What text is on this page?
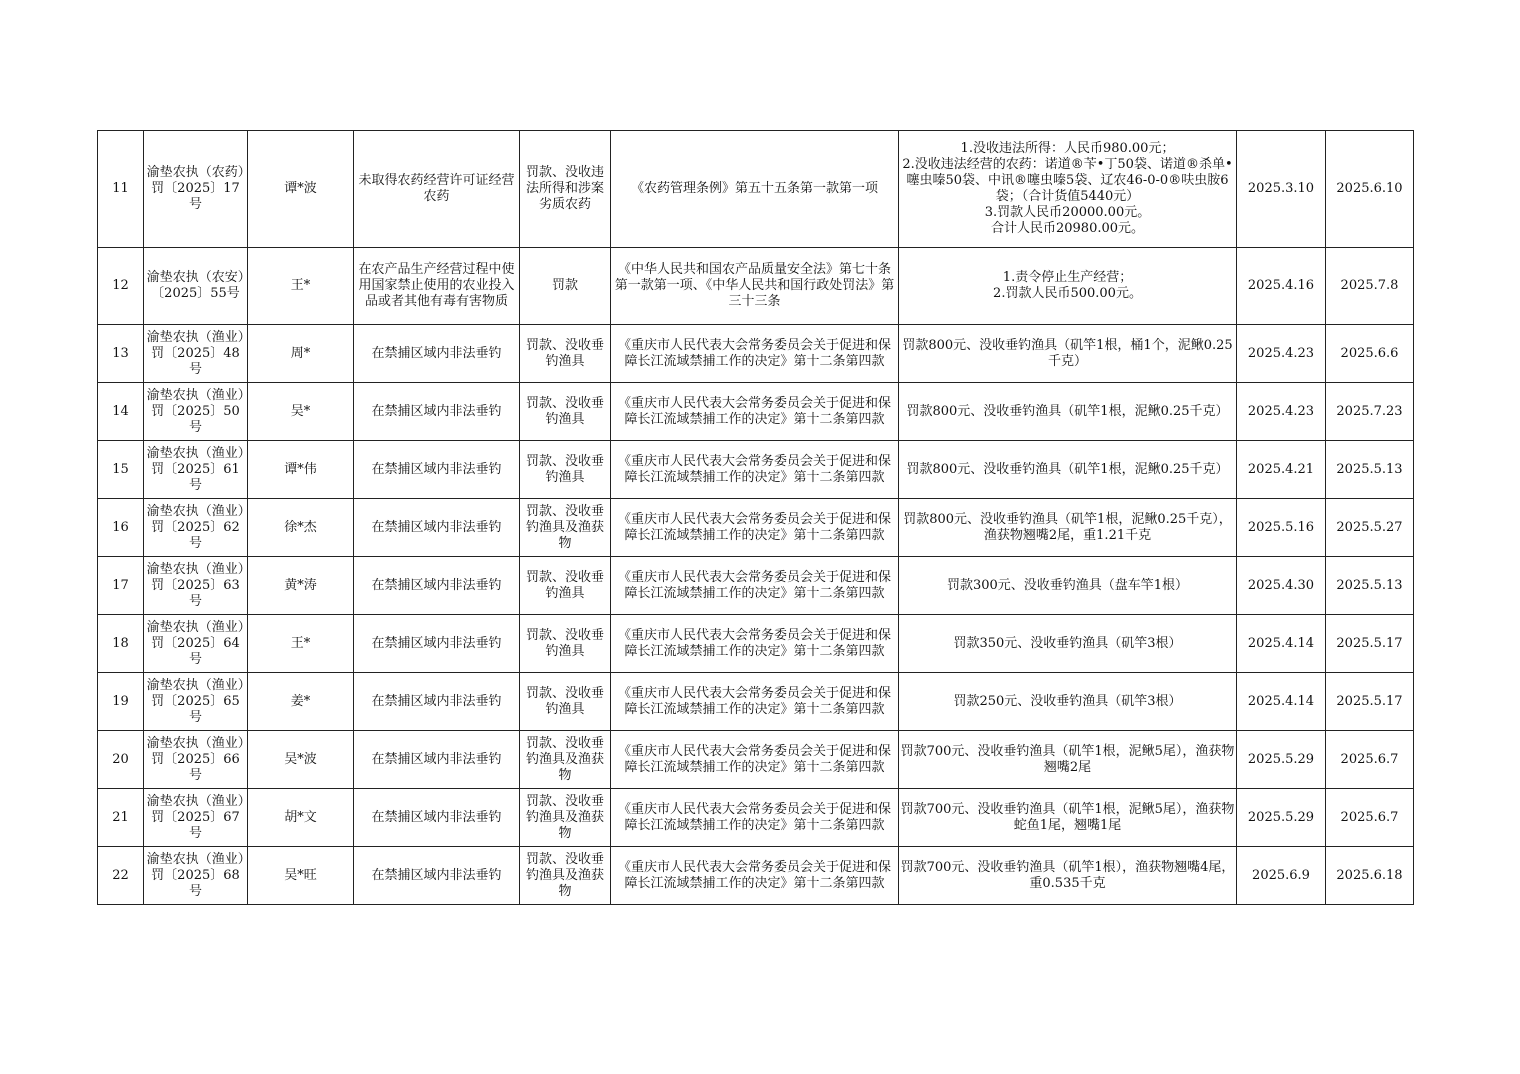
11	渝垫农执（农药）罚〔2025〕17号	谭*波	未取得农药经营许可证经营农药	罚款、没收违法所得和涉案劣质农药	《农药管理条例》第五十五条第一款第一项	1.没收违法所得：人民币980.00元；
2.没收违法经营的农药：诺道®苄•丁50袋、诺道®杀单•噻虫嗪50袋、中讯®噻虫嗪5袋、辽农46-0-0®呋虫胺6袋；（合计货值5440元）
3.罚款人民币20000.00元。
合计人民币20980.00元。	2025.3.10	2025.6.10
12	渝垫农执（农安）〔2025〕55号	王*	在农产品生产经营过程中使用国家禁止使用的农业投入品或者其他有毒有害物质	罚款	《中华人民共和国农产品质量安全法》第七十条第一款第一项、《中华人民共和国行政处罚法》第三十三条	1.责令停止生产经营；
2.罚款人民币500.00元。	2025.4.16	2025.7.8
13	渝垫农执（渔业）罚〔2025〕48号	周*	在禁捕区域内非法垂钓	罚款、没收垂钓渔具	《重庆市人民代表大会常务委员会关于促进和保障长江流域禁捕工作的决定》第十二条第四款	罚款800元、没收垂钓渔具（矶竿1根，桶1个，泥鳅0.25千克）	2025.4.23	2025.6.6
14	渝垫农执（渔业）罚〔2025〕50号	吴*	在禁捕区域内非法垂钓	罚款、没收垂钓渔具	《重庆市人民代表大会常务委员会关于促进和保障长江流域禁捕工作的决定》第十二条第四款	罚款800元、没收垂钓渔具（矶竿1根，泥鳅0.25千克）	2025.4.23	2025.7.23
15	渝垫农执（渔业）罚〔2025〕61号	谭*伟	在禁捕区域内非法垂钓	罚款、没收垂钓渔具	《重庆市人民代表大会常务委员会关于促进和保障长江流域禁捕工作的决定》第十二条第四款	罚款800元、没收垂钓渔具（矶竿1根，泥鳅0.25千克）	2025.4.21	2025.5.13
16	渝垫农执（渔业）罚〔2025〕62号	徐*杰	在禁捕区域内非法垂钓	罚款、没收垂钓渔具及渔获物	《重庆市人民代表大会常务委员会关于促进和保障长江流域禁捕工作的决定》第十二条第四款	罚款800元、没收垂钓渔具（矶竿1根，泥鳅0.25千克），渔获物翘嘴2尾，重1.21千克	2025.5.16	2025.5.27
17	渝垫农执（渔业）罚〔2025〕63号	黄*涛	在禁捕区域内非法垂钓	罚款、没收垂钓渔具	《重庆市人民代表大会常务委员会关于促进和保障长江流域禁捕工作的决定》第十二条第四款	罚款300元、没收垂钓渔具（盘车竿1根）	2025.4.30	2025.5.13
18	渝垫农执（渔业）罚〔2025〕64号	王*	在禁捕区域内非法垂钓	罚款、没收垂钓渔具	《重庆市人民代表大会常务委员会关于促进和保障长江流域禁捕工作的决定》第十二条第四款	罚款350元、没收垂钓渔具（矶竿3根）	2025.4.14	2025.5.17
19	渝垫农执（渔业）罚〔2025〕65号	姜*	在禁捕区域内非法垂钓	罚款、没收垂钓渔具	《重庆市人民代表大会常务委员会关于促进和保障长江流域禁捕工作的决定》第十二条第四款	罚款250元、没收垂钓渔具（矶竿3根）	2025.4.14	2025.5.17
20	渝垫农执（渔业）罚〔2025〕66号	吴*波	在禁捕区域内非法垂钓	罚款、没收垂钓渔具及渔获物	《重庆市人民代表大会常务委员会关于促进和保障长江流域禁捕工作的决定》第十二条第四款	罚款700元、没收垂钓渔具（矶竿1根，泥鳅5尾），渔获物翘嘴2尾	2025.5.29	2025.6.7
21	渝垫农执（渔业）罚〔2025〕67号	胡*文	在禁捕区域内非法垂钓	罚款、没收垂钓渔具及渔获物	《重庆市人民代表大会常务委员会关于促进和保障长江流域禁捕工作的决定》第十二条第四款	罚款700元、没收垂钓渔具（矶竿1根，泥鳅5尾），渔获物蛇鱼1尾，翘嘴1尾	2025.5.29	2025.6.7
22	渝垫农执（渔业）罚〔2025〕68号	吴*旺	在禁捕区域内非法垂钓	罚款、没收垂钓渔具及渔获物	《重庆市人民代表大会常务委员会关于促进和保障长江流域禁捕工作的决定》第十二条第四款	罚款700元、没收垂钓渔具（矶竿1根），渔获物翘嘴4尾，重0.535千克	2025.6.9	2025.6.18
